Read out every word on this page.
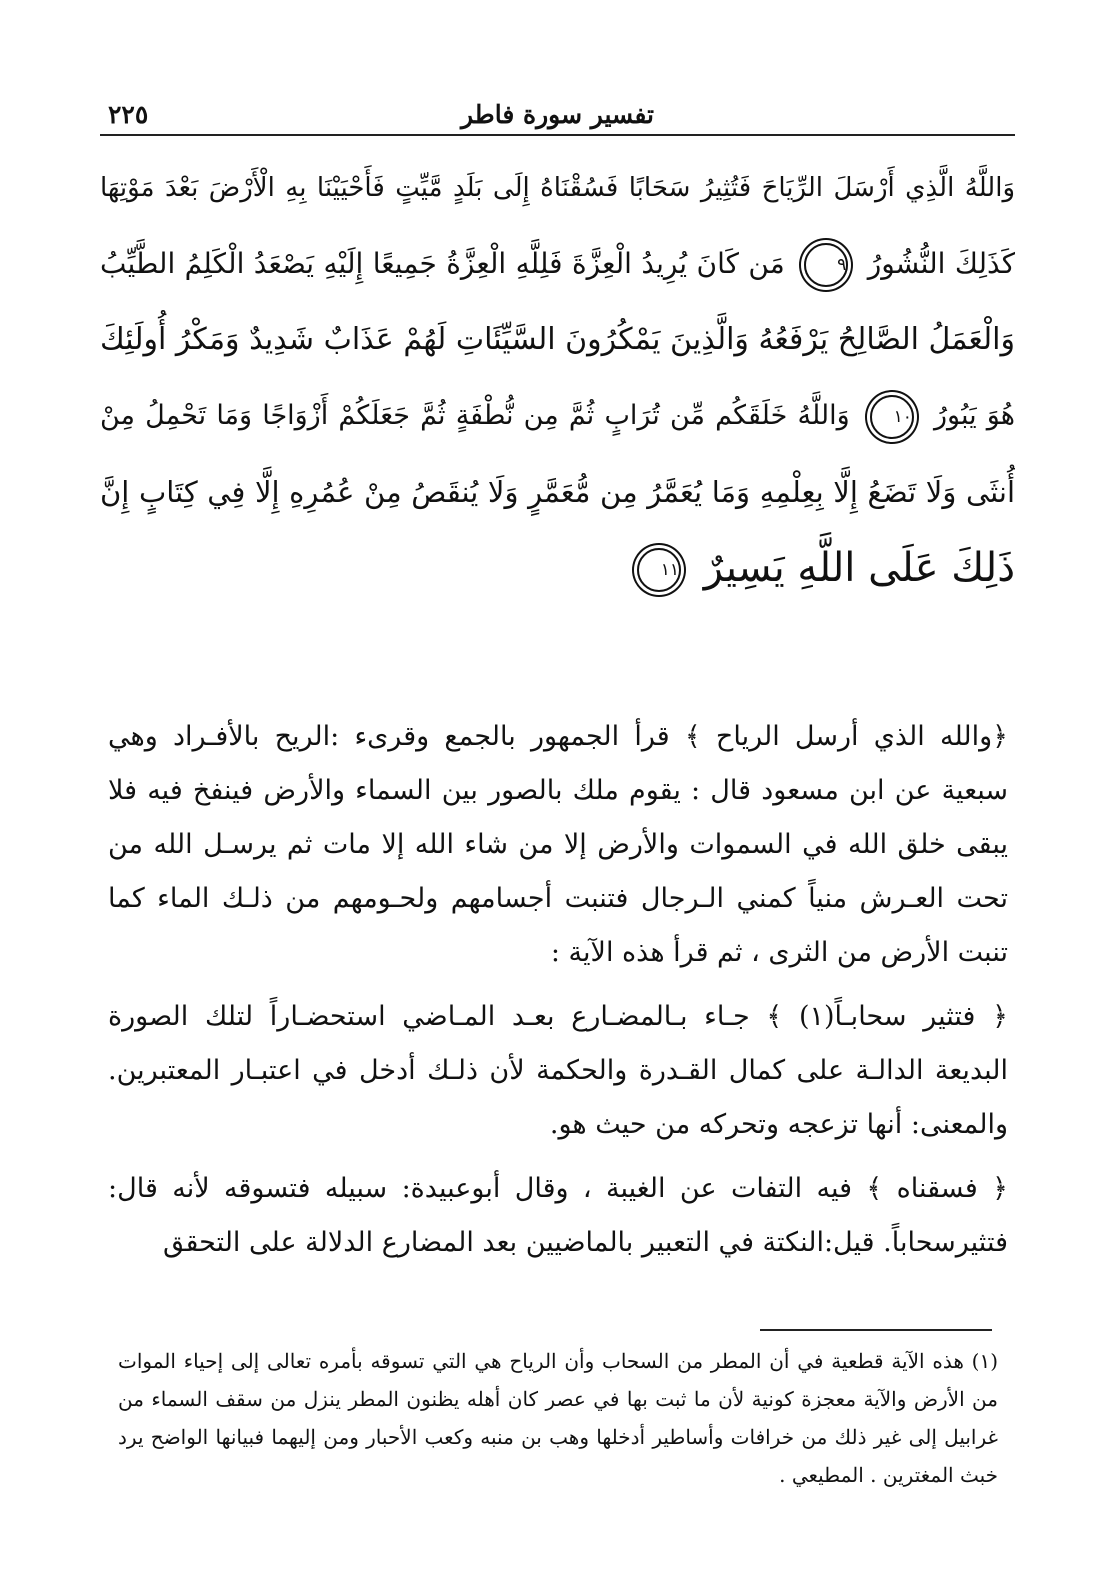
تفسير سورة فاطر
٢٢٥
وَاللَّهُ الَّذِي أَرْسَلَ الرِّيَاحَ فَتُثِيرُ سَحَابًا فَسُقْنَاهُ إِلَى بَلَدٍ مَّيِّتٍ فَأَحْيَيْنَا بِهِ الْأَرْضَ بَعْدَ مَوْتِهَا
كَذَلِكَ النُّشُورُ ٩ مَن كَانَ يُرِيدُ الْعِزَّةَ فَلِلَّهِ الْعِزَّةُ جَمِيعًا إِلَيْهِ يَصْعَدُ الْكَلِمُ الطَّيِّبُ
وَالْعَمَلُ الصَّالِحُ يَرْفَعُهُ وَالَّذِينَ يَمْكُرُونَ السَّيِّئَاتِ لَهُمْ عَذَابٌ شَدِيدٌ وَمَكْرُ أُولَئِكَ
هُوَ يَبُورُ ١٠ وَاللَّهُ خَلَقَكُم مِّن تُرَابٍ ثُمَّ مِن نُّطْفَةٍ ثُمَّ جَعَلَكُمْ أَزْوَاجًا وَمَا تَحْمِلُ مِنْ
أُنثَى وَلَا تَضَعُ إِلَّا بِعِلْمِهِ وَمَا يُعَمَّرُ مِن مُّعَمَّرٍ وَلَا يُنقَصُ مِنْ عُمُرِهِ إِلَّا فِي كِتَابٍ إِنَّ
ذَلِكَ عَلَى اللَّهِ يَسِيرٌ ١١

﴿والله الذي أرسل الرياح ﴾ قرأ الجمهور بالجمع وقرىء :الريح بالأفـراد وهي سبعية عن ابن مسعود قال : يقوم ملك بالصور بين السماء والأرض فينفخ فيه فلا يبقى خلق الله في السموات والأرض إلا من شاء الله إلا مات ثم يرسـل الله من تحت العـرش منياً كمني الـرجال فتنبت أجسامهم ولحـومهم من ذلـك الماء كما تنبت الأرض من الثرى ، ثم قرأ هذه الآية :

﴿ فتثير سحابـاً(١) ﴾ جـاء بـالمضـارع بعـد المـاضي استحضـاراً لتلك الصورة البديعة الدالـة على كمال القـدرة والحكمة لأن ذلـك أدخل في اعتبـار المعتبرين. والمعنى: أنها تزعجه وتحركه من حيث هو.

﴿ فسقناه ﴾ فيه التفات عن الغيبة ، وقال أبوعبيدة: سبيله فتسوقه لأنه قال: فتثيرسحاباً. قيل:النكتة في التعبير بالماضيين بعد المضارع الدلالة على التحقق

(١) هذه الآية قطعية في أن المطر من السحاب وأن الرياح هي التي تسوقه بأمره تعالى إلى إحياء الموات من الأرض والآية معجزة كونية لأن ما ثبت بها في عصر كان أهله يظنون المطر ينزل من سقف السماء من غرابيل إلى غير ذلك من خرافات وأساطير أدخلها وهب بن منبه وكعب الأحبار ومن إليهما فبيانها الواضح يرد خبث المغترين . المطيعي .
